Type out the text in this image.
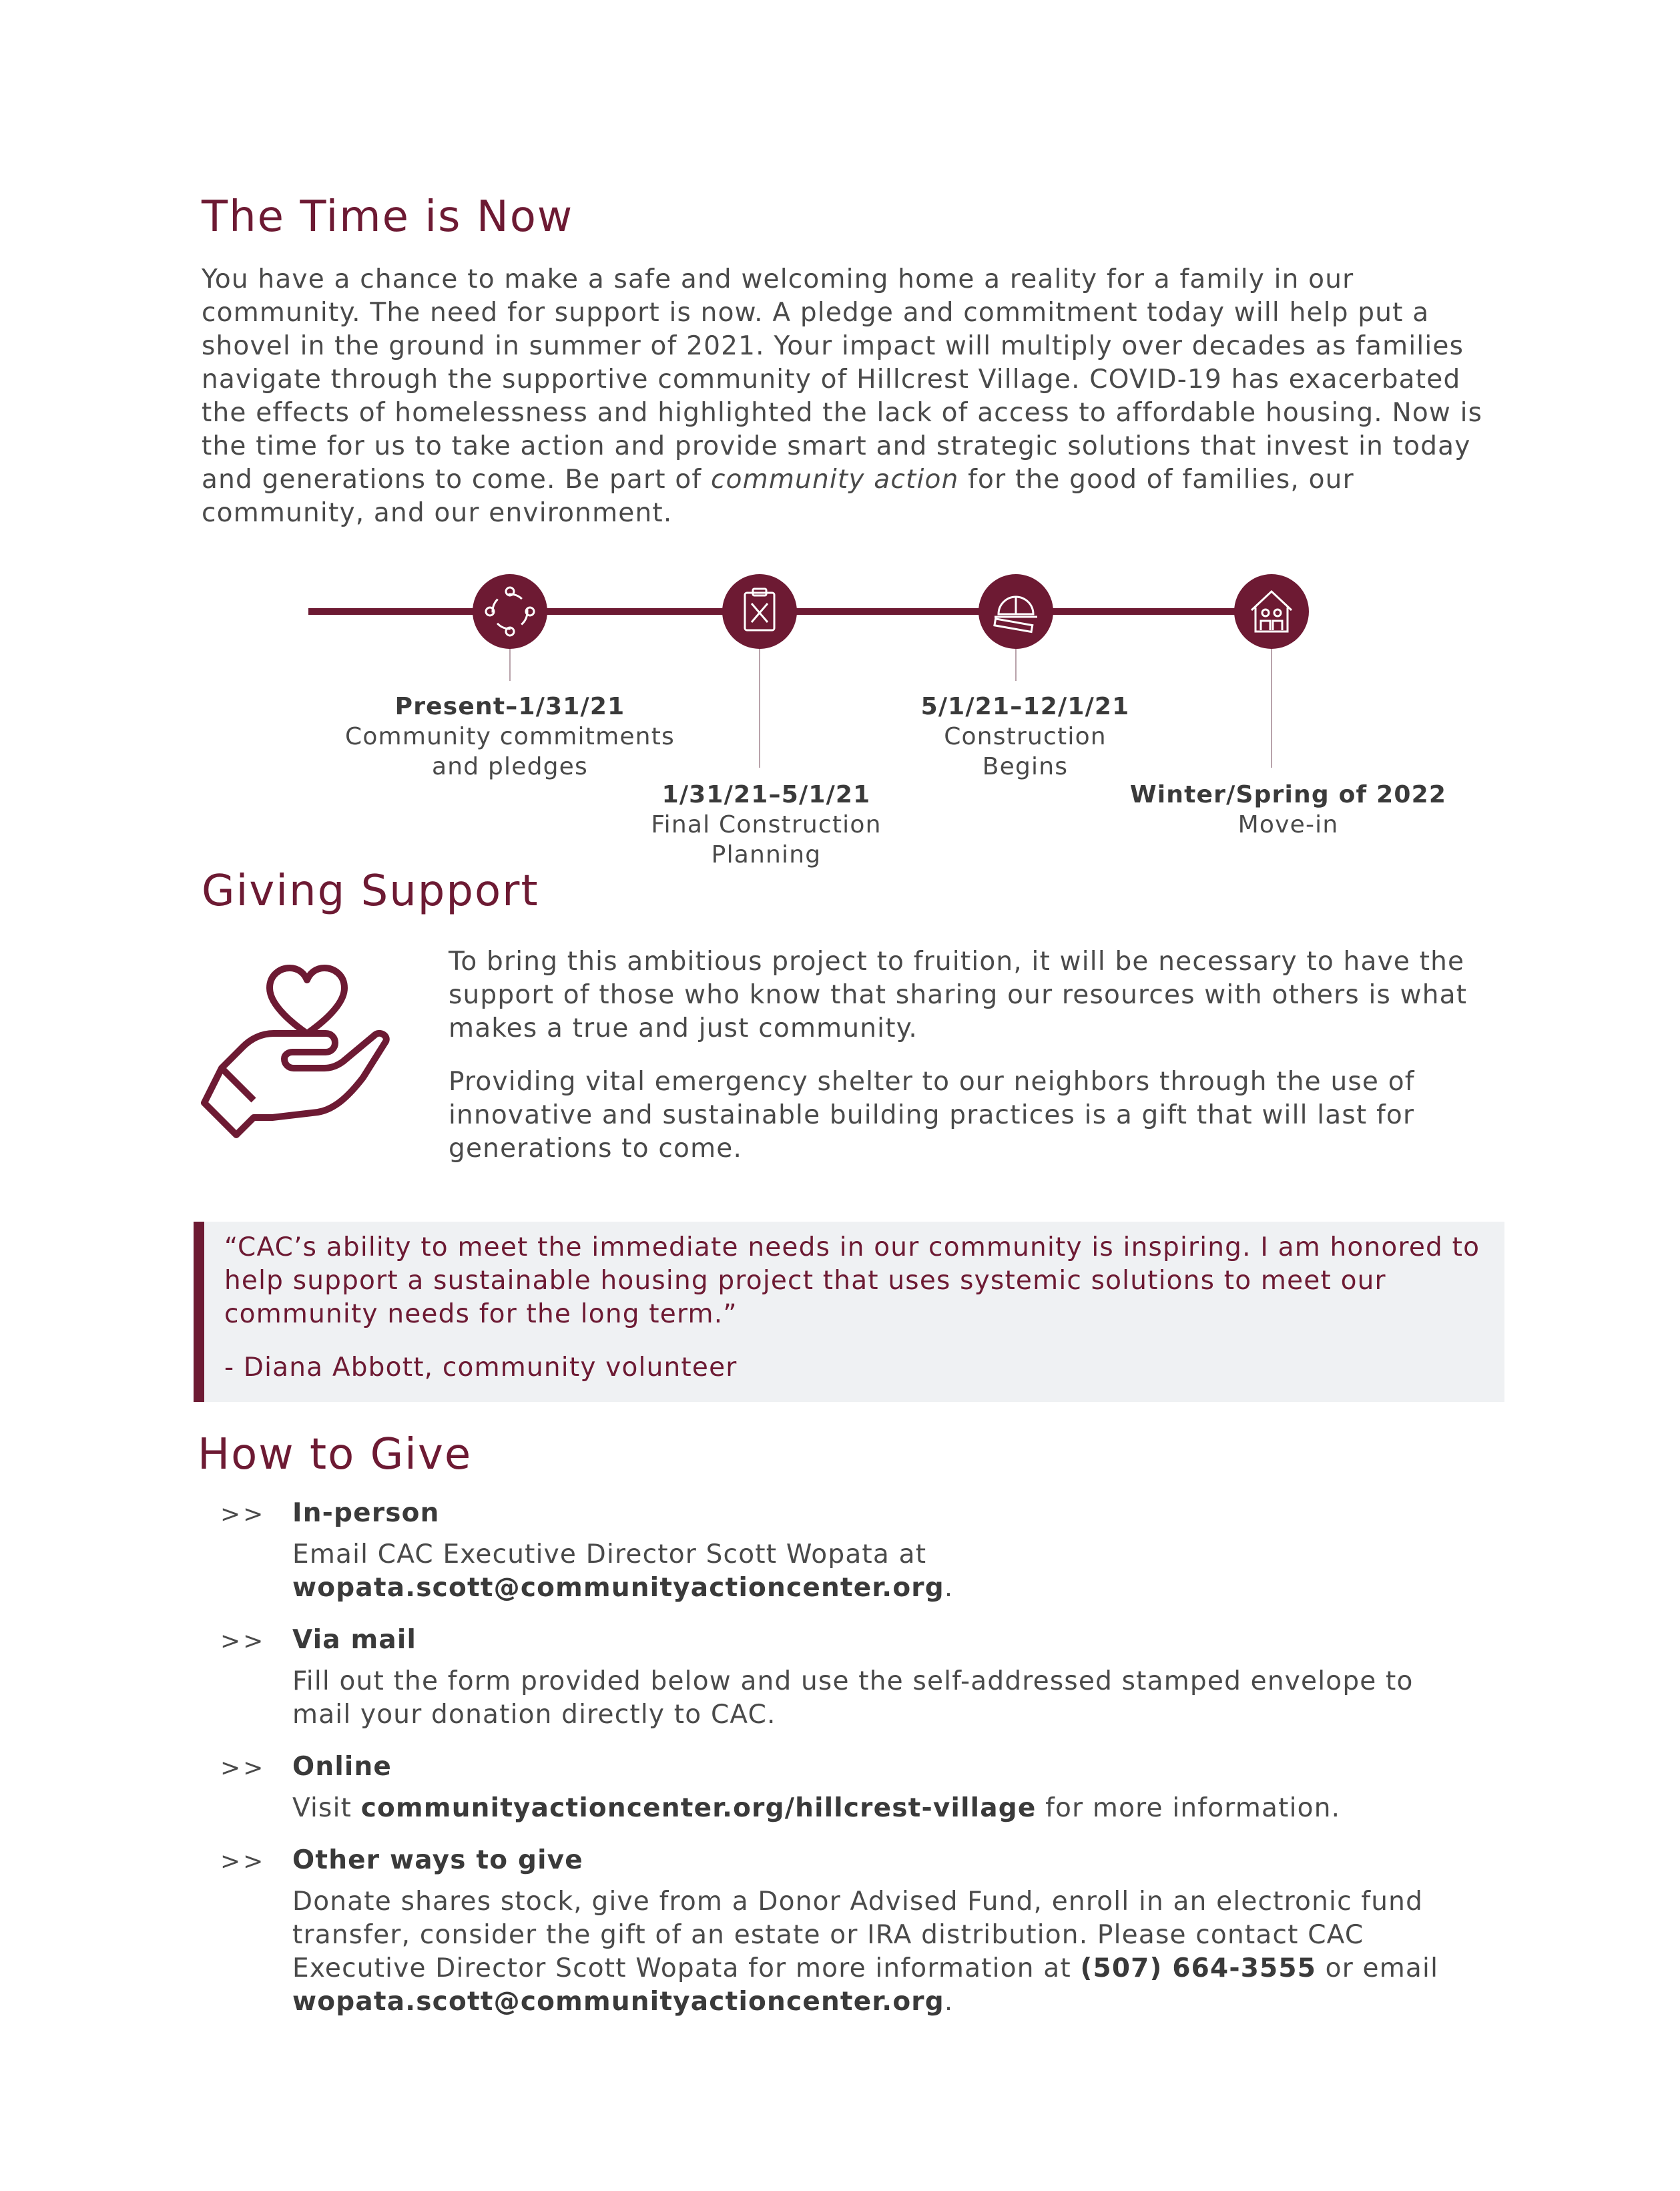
The Time is Now

You have a chance to make a safe and welcoming home a reality for a family in our community. The need for support is now. A pledge and commitment today will help put a shovel in the ground in summer of 2021. Your impact will multiply over decades as families navigate through the supportive community of Hillcrest Village. COVID-19 has exacerbated the effects of homelessness and highlighted the lack of access to affordable housing. Now is the time for us to take action and provide smart and strategic solutions that invest in today and generations to come. Be part of community action for the good of families, our community, and our environment.

Present–1/31/21
Community commitments
and pledges
1/31/21–5/1/21
Final Construction
Planning
5/1/21–12/1/21
Construction
Begins
Winter/Spring of 2022
Move-in
Giving Support

To bring this ambitious project to fruition, it will be necessary to have the support of those who know that sharing our resources with others is what makes a true and just community.

Providing vital emergency shelter to our neighbors through the use of innovative and sustainable building practices is a gift that will last for generations to come.

“CAC’s ability to meet the immediate needs in our community is inspiring. I am honored to help support a sustainable housing project that uses systemic solutions to meet our community needs for the long term.”

- Diana Abbott, community volunteer

How to Give
>> In-person

Email CAC Executive Director Scott Wopata at
wopata.scott@communityactioncenter.org.

>> Via mail

Fill out the form provided below and use the self-addressed stamped envelope to mail your donation directly to CAC.

>> Online

Visit communityactioncenter.org/hillcrest-village for more information.

>> Other ways to give

Donate shares stock, give from a Donor Advised Fund, enroll in an electronic fund transfer, consider the gift of an estate or IRA distribution. Please contact CAC Executive Director Scott Wopata for more information at (507) 664-3555 or email wopata.scott@communityactioncenter.org.
